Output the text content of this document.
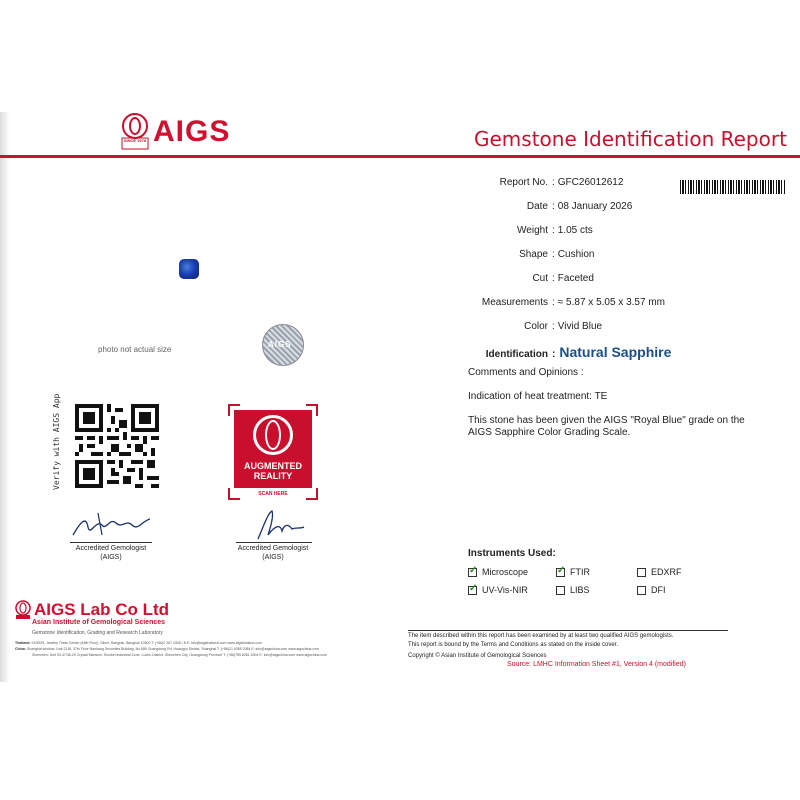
SINCE 1978 AIGS	Gemstone Identification Report
Report No. : GFC26012612
Date : 08 January 2026
Weight : 1.05 cts
Shape : Cushion
Cut : Faceted
Measurements : ≈ 5.87 x 5.05 x 3.57 mm
Color : Vivid Blue
Identification : Natural Sapphire
Comments and Opinions :
Indication of heat treatment: TE
This stone has been given the AIGS "Royal Blue" grade on the AIGS Sapphire Color Grading Scale.
photo not actual size
AIGS
Verify with AIGS App	AUGMENTED
REALITY
SCAN HERE
Accredited Gemologist
(AIGS)
Accredited Gemologist
(AIGS)
AIGS Lab Co Ltd
Asian Institute of Gemological Sciences
Gemstone Identification, Grading and Research Laboratory
Thailand: 919/539, Jewelry Trade Center (48th Floor), Silom, Bangrak, Bangkok 10500 T: (+66)2 267 4325 / 8 E: info@aigsthailand.com www.aigsthailand.com
China: Shanghai window: Unit 2118, 37th Floor Nanhang Securities Building, No.689 Guangdong Rd, Huangpu District, Shanghai T: (+86)21 6385 2084 E: info@aigschina.com www.aigschina.com
Shenzhen: Unit 03-47/36-20 Crystal Mansion, Shuibei Industrial Zone, Luohu District, Shenzhen City, Guangdong Province T: (+86)755 8261 4004 E: info@aigschina.com www.aigschina.com
Instruments Used:
✓
Microscope
✓	FTIR	EDXRF
✓
UV-Vis-NIR	LIBS	DFI
The item described within this report has been examined by at least two qualified AIGS gemologists.
This report is bound by the Terms and Conditions as stated on the inside cover.
Copyright © Asian Institute of Gemological Sciences
Source: LMHC Information Sheet #1, Version 4 (modified)
